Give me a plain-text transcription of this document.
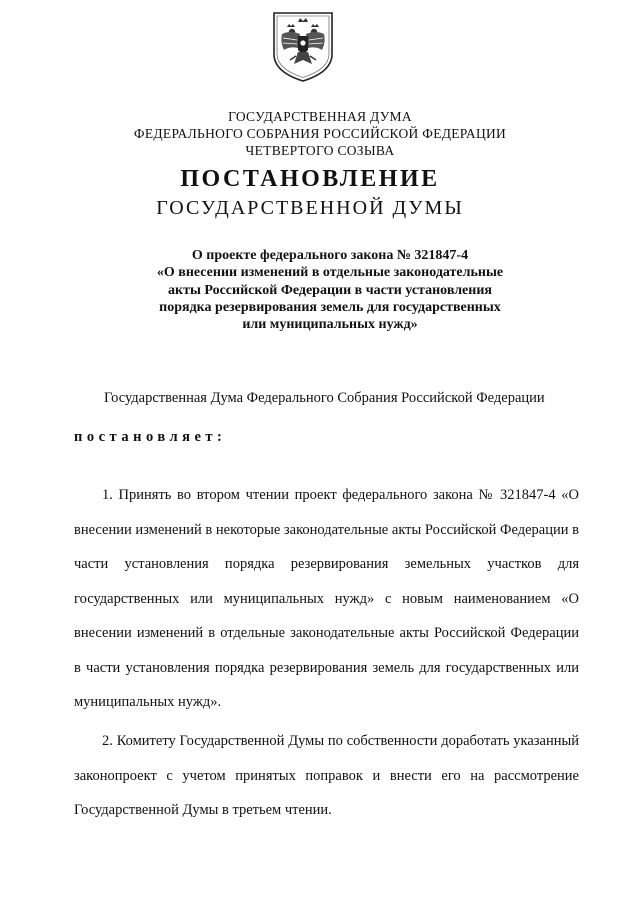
ГОСУДАРСТВЕННАЯ ДУМА
ФЕДЕРАЛЬНОГО СОБРАНИЯ РОССИЙСКОЙ ФЕДЕРАЦИИ
ЧЕТВЕРТОГО СОЗЫВА
ПОСТАНОВЛЕНИЕ
ГОСУДАРСТВЕННОЙ ДУМЫ
О проекте федерального закона № 321847-4
«О внесении изменений в отдельные законодательные
акты Российской Федерации в части установления
порядка резервирования земель для государственных
или муниципальных нужд»
Государственная Дума Федерального Собрания Российской Федерации
постановляет:
1. Принять во втором чтении проект федерального закона № 321847-4 «О внесении изменений в некоторые законодательные акты Российской Федерации в части установления порядка резервирования земельных участков для государственных или муниципальных нужд» с новым наименованием «О внесении изменений в отдельные законодательные акты Российской Федерации в части установления порядка резервирования земель для государственных или муниципальных нужд».
2. Комитету Государственной Думы по собственности доработать указанный законопроект с учетом принятых поправок и внести его на рассмотрение Государственной Думы в третьем чтении.
